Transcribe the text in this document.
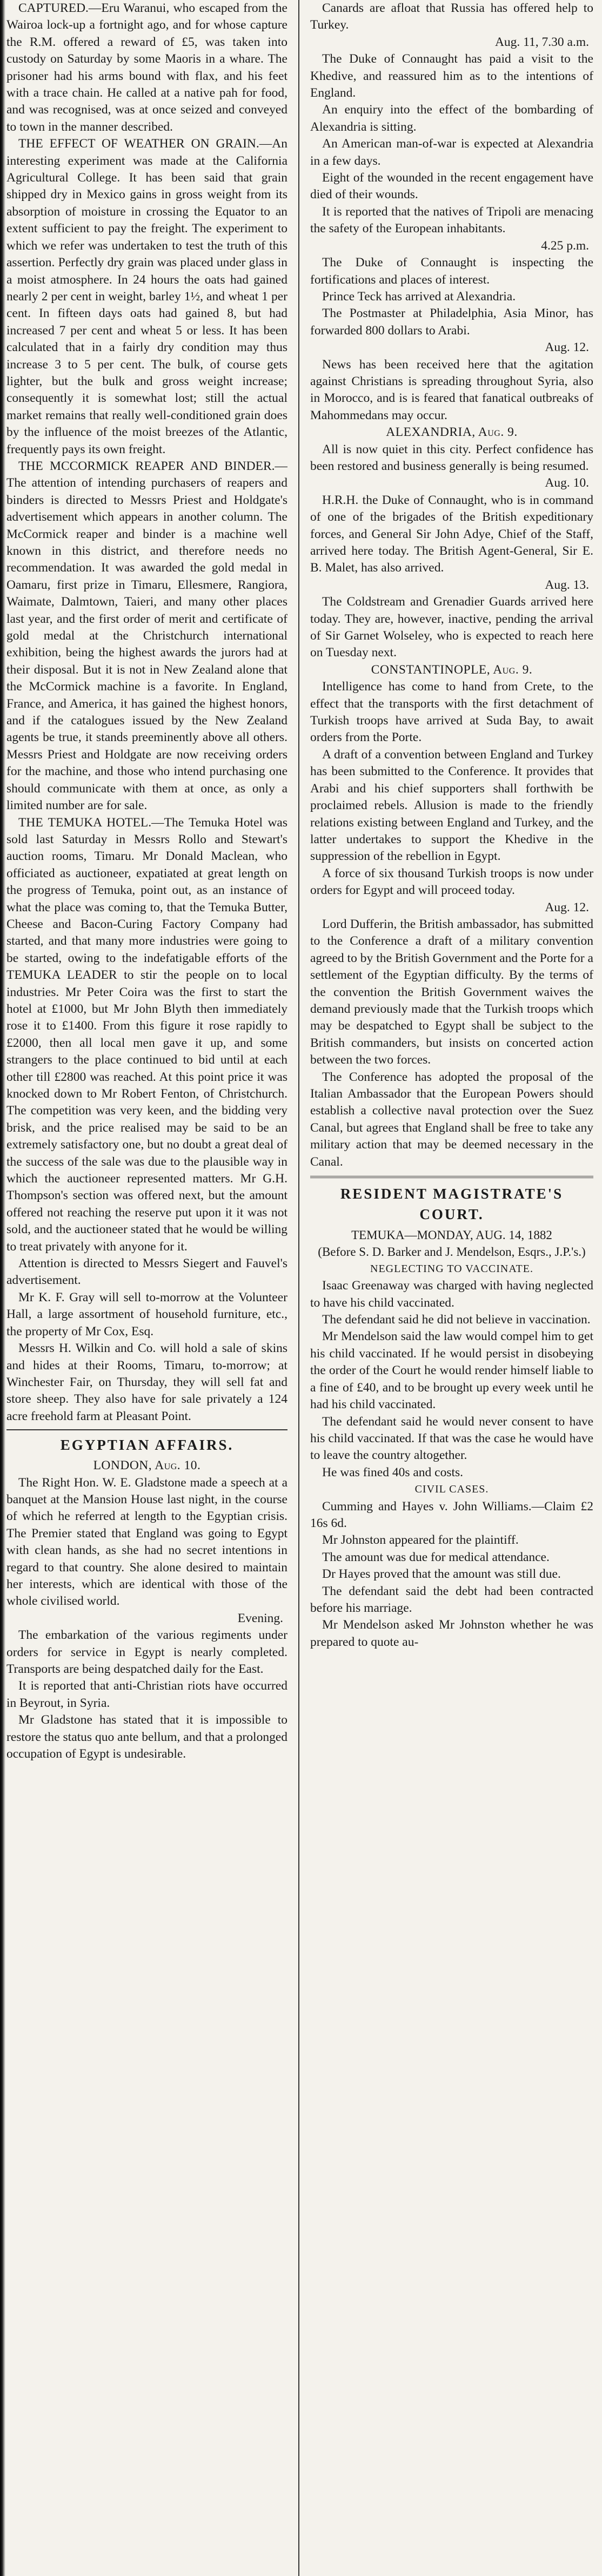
CAPTURED.—Eru Waranui, who escaped from the Wairoa lock-up a fortnight ago, and for whose capture the R.M. offered a reward of £5, was taken into custody on Saturday by some Maoris in a whare. The prisoner had his arms bound with flax, and his feet with a trace chain. He called at a native pah for food, and was recognised, was at once seized and conveyed to town in the manner described.

THE EFFECT OF WEATHER ON GRAIN.—An interesting experiment was made at the California Agricultural College. It has been said that grain shipped dry in Mexico gains in gross weight from its absorption of moisture in crossing the Equator to an extent sufficient to pay the freight. The experiment to which we refer was undertaken to test the truth of this assertion. Perfectly dry grain was placed under glass in a moist atmosphere. In 24 hours the oats had gained nearly 2 per cent in weight, barley 1½, and wheat 1 per cent. In fifteen days oats had gained 8, but had increased 7 per cent and wheat 5 or less. It has been calculated that in a fairly dry condition may thus increase 3 to 5 per cent. The bulk, of course gets lighter, but the bulk and gross weight increase; consequently it is somewhat lost; still the actual market remains that really well-conditioned grain does by the influence of the moist breezes of the Atlantic, frequently pays its own freight.

THE MCCORMICK REAPER AND BINDER.—The attention of intending purchasers of reapers and binders is directed to Messrs Priest and Holdgate's advertisement which appears in another column. The McCormick reaper and binder is a machine well known in this district, and therefore needs no recommendation. It was awarded the gold medal in Oamaru, first prize in Timaru, Ellesmere, Rangiora, Waimate, Dalmtown, Taieri, and many other places last year, and the first order of merit and certificate of gold medal at the Christchurch international exhibition, being the highest awards the jurors had at their disposal. But it is not in New Zealand alone that the McCormick machine is a favorite. In England, France, and America, it has gained the highest honors, and if the catalogues issued by the New Zealand agents be true, it stands preeminently above all others. Messrs Priest and Holdgate are now receiving orders for the machine, and those who intend purchasing one should communicate with them at once, as only a limited number are for sale.

THE TEMUKA HOTEL.—The Temuka Hotel was sold last Saturday in Messrs Rollo and Stewart's auction rooms, Timaru. Mr Donald Maclean, who officiated as auctioneer, expatiated at great length on the progress of Temuka, point out, as an instance of what the place was coming to, that the Temuka Butter, Cheese and Bacon-Curing Factory Company had started, and that many more industries were going to be started, owing to the indefatigable efforts of the TEMUKA LEADER to stir the people on to local industries. Mr Peter Coira was the first to start the hotel at £1000, but Mr John Blyth then immediately rose it to £1400. From this figure it rose rapidly to £2000, then all local men gave it up, and some strangers to the place continued to bid until at each other till £2800 was reached. At this point price it was knocked down to Mr Robert Fenton, of Christchurch. The competition was very keen, and the bidding very brisk, and the price realised may be said to be an extremely satisfactory one, but no doubt a great deal of the success of the sale was due to the plausible way in which the auctioneer represented matters. Mr G.H. Thompson's section was offered next, but the amount offered not reaching the reserve put upon it it was not sold, and the auctioneer stated that he would be willing to treat privately with anyone for it.

Attention is directed to Messrs Siegert and Fauvel's advertisement.

Mr K. F. Gray will sell to-morrow at the Volunteer Hall, a large assortment of household furniture, etc., the property of Mr Cox, Esq.

Messrs H. Wilkin and Co. will hold a sale of skins and hides at their Rooms, Timaru, to-morrow; at Winchester Fair, on Thursday, they will sell fat and store sheep. They also have for sale privately a 124 acre freehold farm at Pleasant Point.

EGYPTIAN AFFAIRS.
LONDON, Aug. 10.

The Right Hon. W. E. Gladstone made a speech at a banquet at the Mansion House last night, in the course of which he referred at length to the Egyptian crisis. The Premier stated that England was going to Egypt with clean hands, as she had no secret intentions in regard to that country. She alone desired to maintain her interests, which are identical with those of the whole civilised world.

Evening.

The embarkation of the various regiments under orders for service in Egypt is nearly completed. Transports are being despatched daily for the East.

It is reported that anti-Christian riots have occurred in Beyrout, in Syria.

Mr Gladstone has stated that it is impossible to restore the status quo ante bellum, and that a prolonged occupation of Egypt is undesirable.

Canards are afloat that Russia has offered help to Turkey.

Aug. 11, 7.30 a.m.

The Duke of Connaught has paid a visit to the Khedive, and reassured him as to the intentions of England.

An enquiry into the effect of the bombarding of Alexandria is sitting.

An American man-of-war is expected at Alexandria in a few days.

Eight of the wounded in the recent engagement have died of their wounds.

It is reported that the natives of Tripoli are menacing the safety of the European inhabitants.

4.25 p.m.

The Duke of Connaught is inspecting the fortifications and places of interest.

Prince Teck has arrived at Alexandria.

The Postmaster at Philadelphia, Asia Minor, has forwarded 800 dollars to Arabi.

Aug. 12.

News has been received here that the agitation against Christians is spreading throughout Syria, also in Morocco, and is is feared that fanatical outbreaks of Mahommedans may occur.

ALEXANDRIA, Aug. 9.

All is now quiet in this city. Perfect confidence has been restored and business generally is being resumed.

Aug. 10.

H.R.H. the Duke of Connaught, who is in command of one of the brigades of the British expeditionary forces, and General Sir John Adye, Chief of the Staff, arrived here today. The British Agent-General, Sir E. B. Malet, has also arrived.

Aug. 13.

The Coldstream and Grenadier Guards arrived here today. They are, however, inactive, pending the arrival of Sir Garnet Wolseley, who is expected to reach here on Tuesday next.

CONSTANTINOPLE, Aug. 9.

Intelligence has come to hand from Crete, to the effect that the transports with the first detachment of Turkish troops have arrived at Suda Bay, to await orders from the Porte.

A draft of a convention between England and Turkey has been submitted to the Conference. It provides that Arabi and his chief supporters shall forthwith be proclaimed rebels. Allusion is made to the friendly relations existing between England and Turkey, and the latter undertakes to support the Khedive in the suppression of the rebellion in Egypt.

A force of six thousand Turkish troops is now under orders for Egypt and will proceed today.

Aug. 12.

Lord Dufferin, the British ambassador, has submitted to the Conference a draft of a military convention agreed to by the British Government and the Porte for a settlement of the Egyptian difficulty. By the terms of the convention the British Government waives the demand previously made that the Turkish troops which may be despatched to Egypt shall be subject to the British commanders, but insists on concerted action between the two forces.

The Conference has adopted the proposal of the Italian Ambassador that the European Powers should establish a collective naval protection over the Suez Canal, but agrees that England shall be free to take any military action that may be deemed necessary in the Canal.

RESIDENT MAGISTRATE'S COURT.
TEMUKA—MONDAY, AUG. 14, 1882
(Before S. D. Barker and J. Mendelson, Esqrs., J.P.'s.)
NEGLECTING TO VACCINATE.

Isaac Greenaway was charged with having neglected to have his child vaccinated.

The defendant said he did not believe in vaccination.

Mr Mendelson said the law would compel him to get his child vaccinated. If he would persist in disobeying the order of the Court he would render himself liable to a fine of £40, and to be brought up every week until he had his child vaccinated.

The defendant said he would never consent to have his child vaccinated. If that was the case he would have to leave the country altogether.

He was fined 40s and costs.

CIVIL CASES.

Cumming and Hayes v. John Williams.—Claim £2 16s 6d.

Mr Johnston appeared for the plaintiff.

The amount was due for medical attendance.

Dr Hayes proved that the amount was still due.

The defendant said the debt had been contracted before his marriage.

Mr Mendelson asked Mr Johnston whether he was prepared to quote au-
